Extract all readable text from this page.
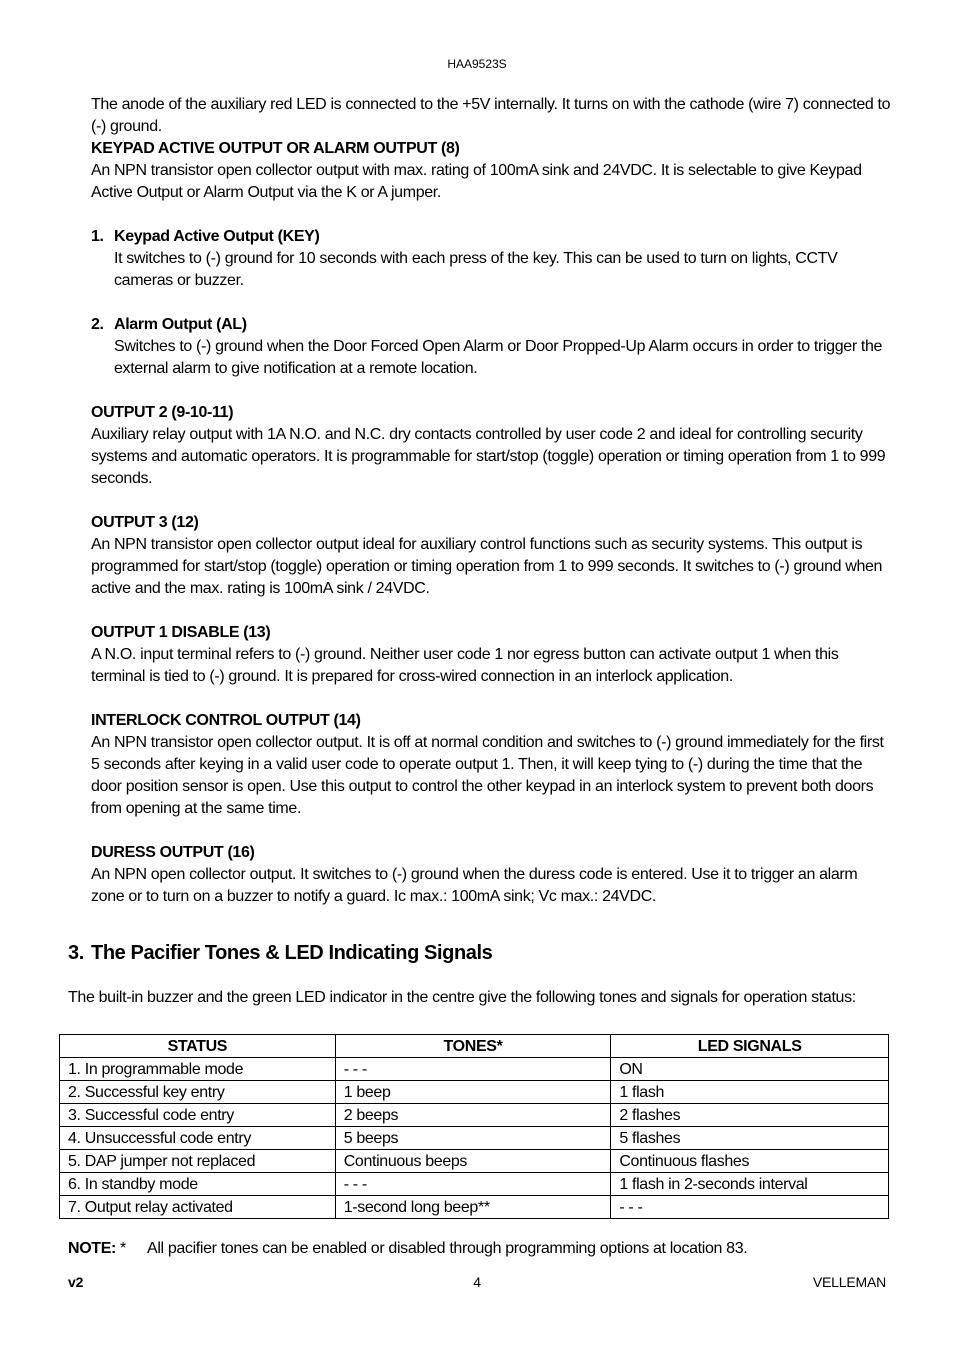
HAA9523S

The anode of the auxiliary red LED is connected to the +5V internally. It turns on with the cathode (wire 7) connected to (-) ground.

KEYPAD ACTIVE OUTPUT OR ALARM OUTPUT (8)

An NPN transistor open collector output with max. rating of 100mA sink and 24VDC. It is selectable to give Keypad Active Output or Alarm Output via the K or A jumper.

1. Keypad Active Output (KEY)

It switches to (-) ground for 10 seconds with each press of the key. This can be used to turn on lights, CCTV cameras or buzzer.

2. Alarm Output (AL)

Switches to (-) ground when the Door Forced Open Alarm or Door Propped-Up Alarm occurs in order to trigger the external alarm to give notification at a remote location.

OUTPUT 2 (9-10-11)

Auxiliary relay output with 1A N.O. and N.C. dry contacts controlled by user code 2 and ideal for controlling security systems and automatic operators. It is programmable for start/stop (toggle) operation or timing operation from 1 to 999 seconds.

OUTPUT 3 (12)

An NPN transistor open collector output ideal for auxiliary control functions such as security systems. This output is programmed for start/stop (toggle) operation or timing operation from 1 to 999 seconds. It switches to (-) ground when active and the max. rating is 100mA sink / 24VDC.

OUTPUT 1 DISABLE (13)

A N.O. input terminal refers to (-) ground. Neither user code 1 nor egress button can activate output 1 when this terminal is tied to (-) ground. It is prepared for cross-wired connection in an interlock application.

INTERLOCK CONTROL OUTPUT (14)

An NPN transistor open collector output. It is off at normal condition and switches to (-) ground immediately for the first 5 seconds after keying in a valid user code to operate output 1. Then, it will keep tying to (-) during the time that the door position sensor is open. Use this output to control the other keypad in an interlock system to prevent both doors from opening at the same time.

DURESS OUTPUT (16)

An NPN open collector output. It switches to (-) ground when the duress code is entered. Use it to trigger an alarm zone or to turn on a buzzer to notify a guard. Ic max.: 100mA sink; Vc max.: 24VDC.

3. The Pacifier Tones & LED Indicating Signals

The built-in buzzer and the green LED indicator in the centre give the following tones and signals for operation status:

STATUS	TONES*	LED SIGNALS
1. In programmable mode	- - -	ON
2. Successful key entry	1 beep	1 flash
3. Successful code entry	2 beeps	2 flashes
4. Unsuccessful code entry	5 beeps	5 flashes
5. DAP jumper not replaced	Continuous beeps	Continuous flashes
6. In standby mode	- - -	1 flash in 2-seconds interval
7. Output relay activated	1-second long beep**	- - -
NOTE: * All pacifier tones can be enabled or disabled through programming options at location 83.
v2	4	VELLEMAN
